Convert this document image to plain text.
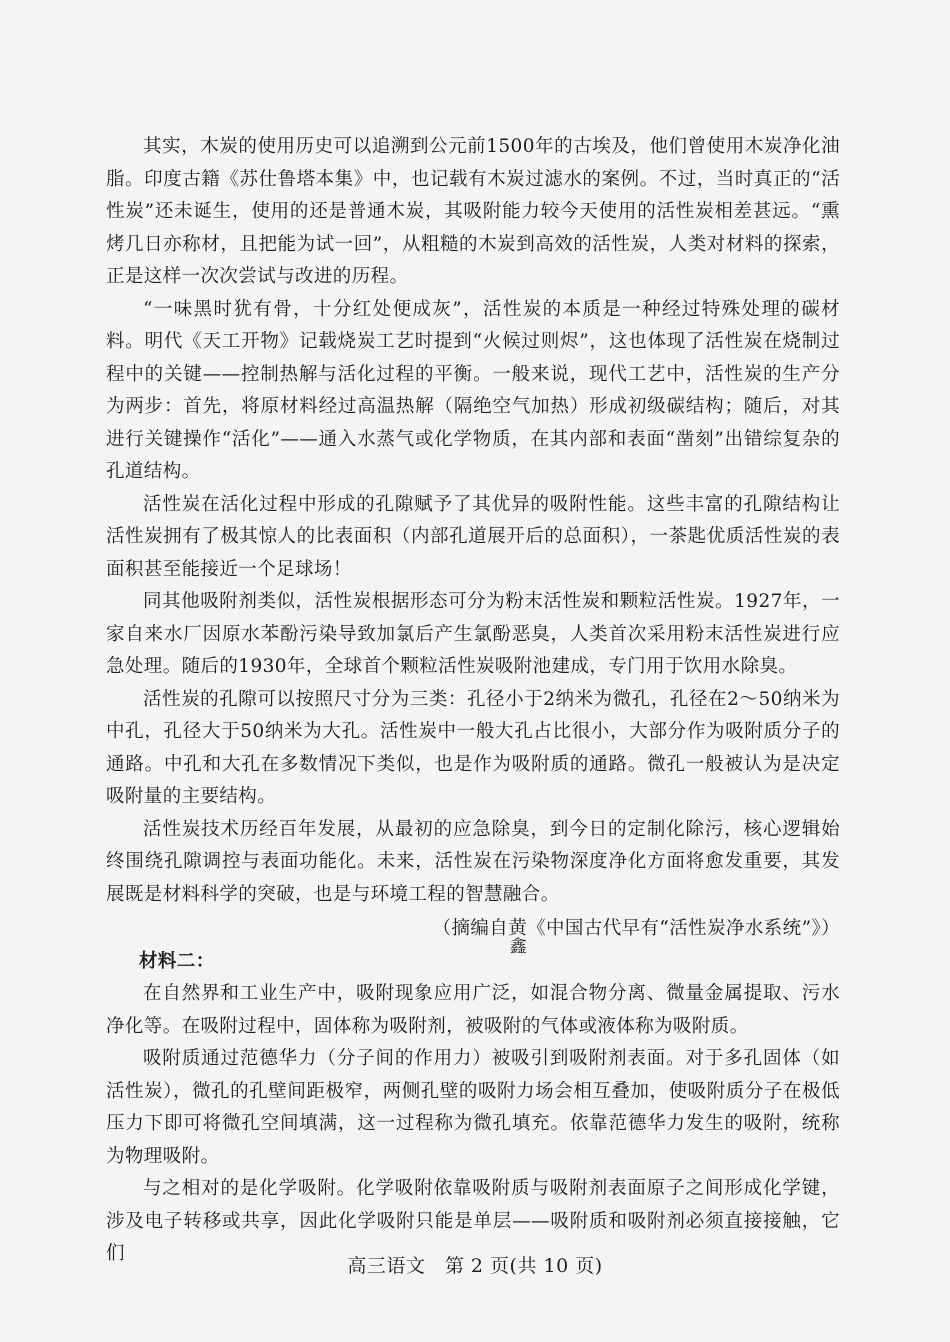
其实，木炭的使用历史可以追溯到公元前1500年的古埃及，他们曾使用木炭净化油脂。印度古籍《苏仕鲁塔本集》中，也记载有木炭过滤水的案例。不过，当时真正的“活性炭”还未诞生，使用的还是普通木炭，其吸附能力较今天使用的活性炭相差甚远。“熏烤几日亦称材，且把能为试一回”，从粗糙的木炭到高效的活性炭，人类对材料的探索，正是这样一次次尝试与改进的历程。

“一味黑时犹有骨，十分红处便成灰”，活性炭的本质是一种经过特殊处理的碳材料。明代《天工开物》记载烧炭工艺时提到“火候过则烬”，这也体现了活性炭在烧制过程中的关键——控制热解与活化过程的平衡。一般来说，现代工艺中，活性炭的生产分为两步：首先，将原材料经过高温热解（隔绝空气加热）形成初级碳结构；随后，对其进行关键操作“活化”——通入水蒸气或化学物质，在其内部和表面“凿刻”出错综复杂的孔道结构。

活性炭在活化过程中形成的孔隙赋予了其优异的吸附性能。这些丰富的孔隙结构让活性炭拥有了极其惊人的比表面积（内部孔道展开后的总面积），一茶匙优质活性炭的表面积甚至能接近一个足球场！

同其他吸附剂类似，活性炭根据形态可分为粉末活性炭和颗粒活性炭。1927年，一家自来水厂因原水苯酚污染导致加氯后产生氯酚恶臭，人类首次采用粉末活性炭进行应急处理。随后的1930年，全球首个颗粒活性炭吸附池建成，专门用于饮用水除臭。

活性炭的孔隙可以按照尺寸分为三类：孔径小于2纳米为微孔，孔径在2～50纳米为中孔，孔径大于50纳米为大孔。活性炭中一般大孔占比很小，大部分作为吸附质分子的通路。中孔和大孔在多数情况下类似，也是作为吸附质的通路。微孔一般被认为是决定吸附量的主要结构。

活性炭技术历经百年发展，从最初的应急除臭，到今日的定制化除污，核心逻辑始终围绕孔隙调控与表面功能化。未来，活性炭在污染物深度净化方面将愈发重要，其发展既是材料科学的突破，也是与环境工程的智慧融合。

（摘编自黄
鑫
《中国古代早有“活性炭净水系统”》）

材料二：

在自然界和工业生产中，吸附现象应用广泛，如混合物分离、微量金属提取、污水净化等。在吸附过程中，固体称为吸附剂，被吸附的气体或液体称为吸附质。

吸附质通过范德华力（分子间的作用力）被吸引到吸附剂表面。对于多孔固体（如活性炭），微孔的孔壁间距极窄，两侧孔壁的吸附力场会相互叠加，使吸附质分子在极低压力下即可将微孔空间填满，这一过程称为微孔填充。依靠范德华力发生的吸附，统称为物理吸附。

与之相对的是化学吸附。化学吸附依靠吸附质与吸附剂表面原子之间形成化学键，涉及电子转移或共享，因此化学吸附只能是单层——吸附质和吸附剂必须直接接触，它们

高三语文　第 2 页(共 10 页)
